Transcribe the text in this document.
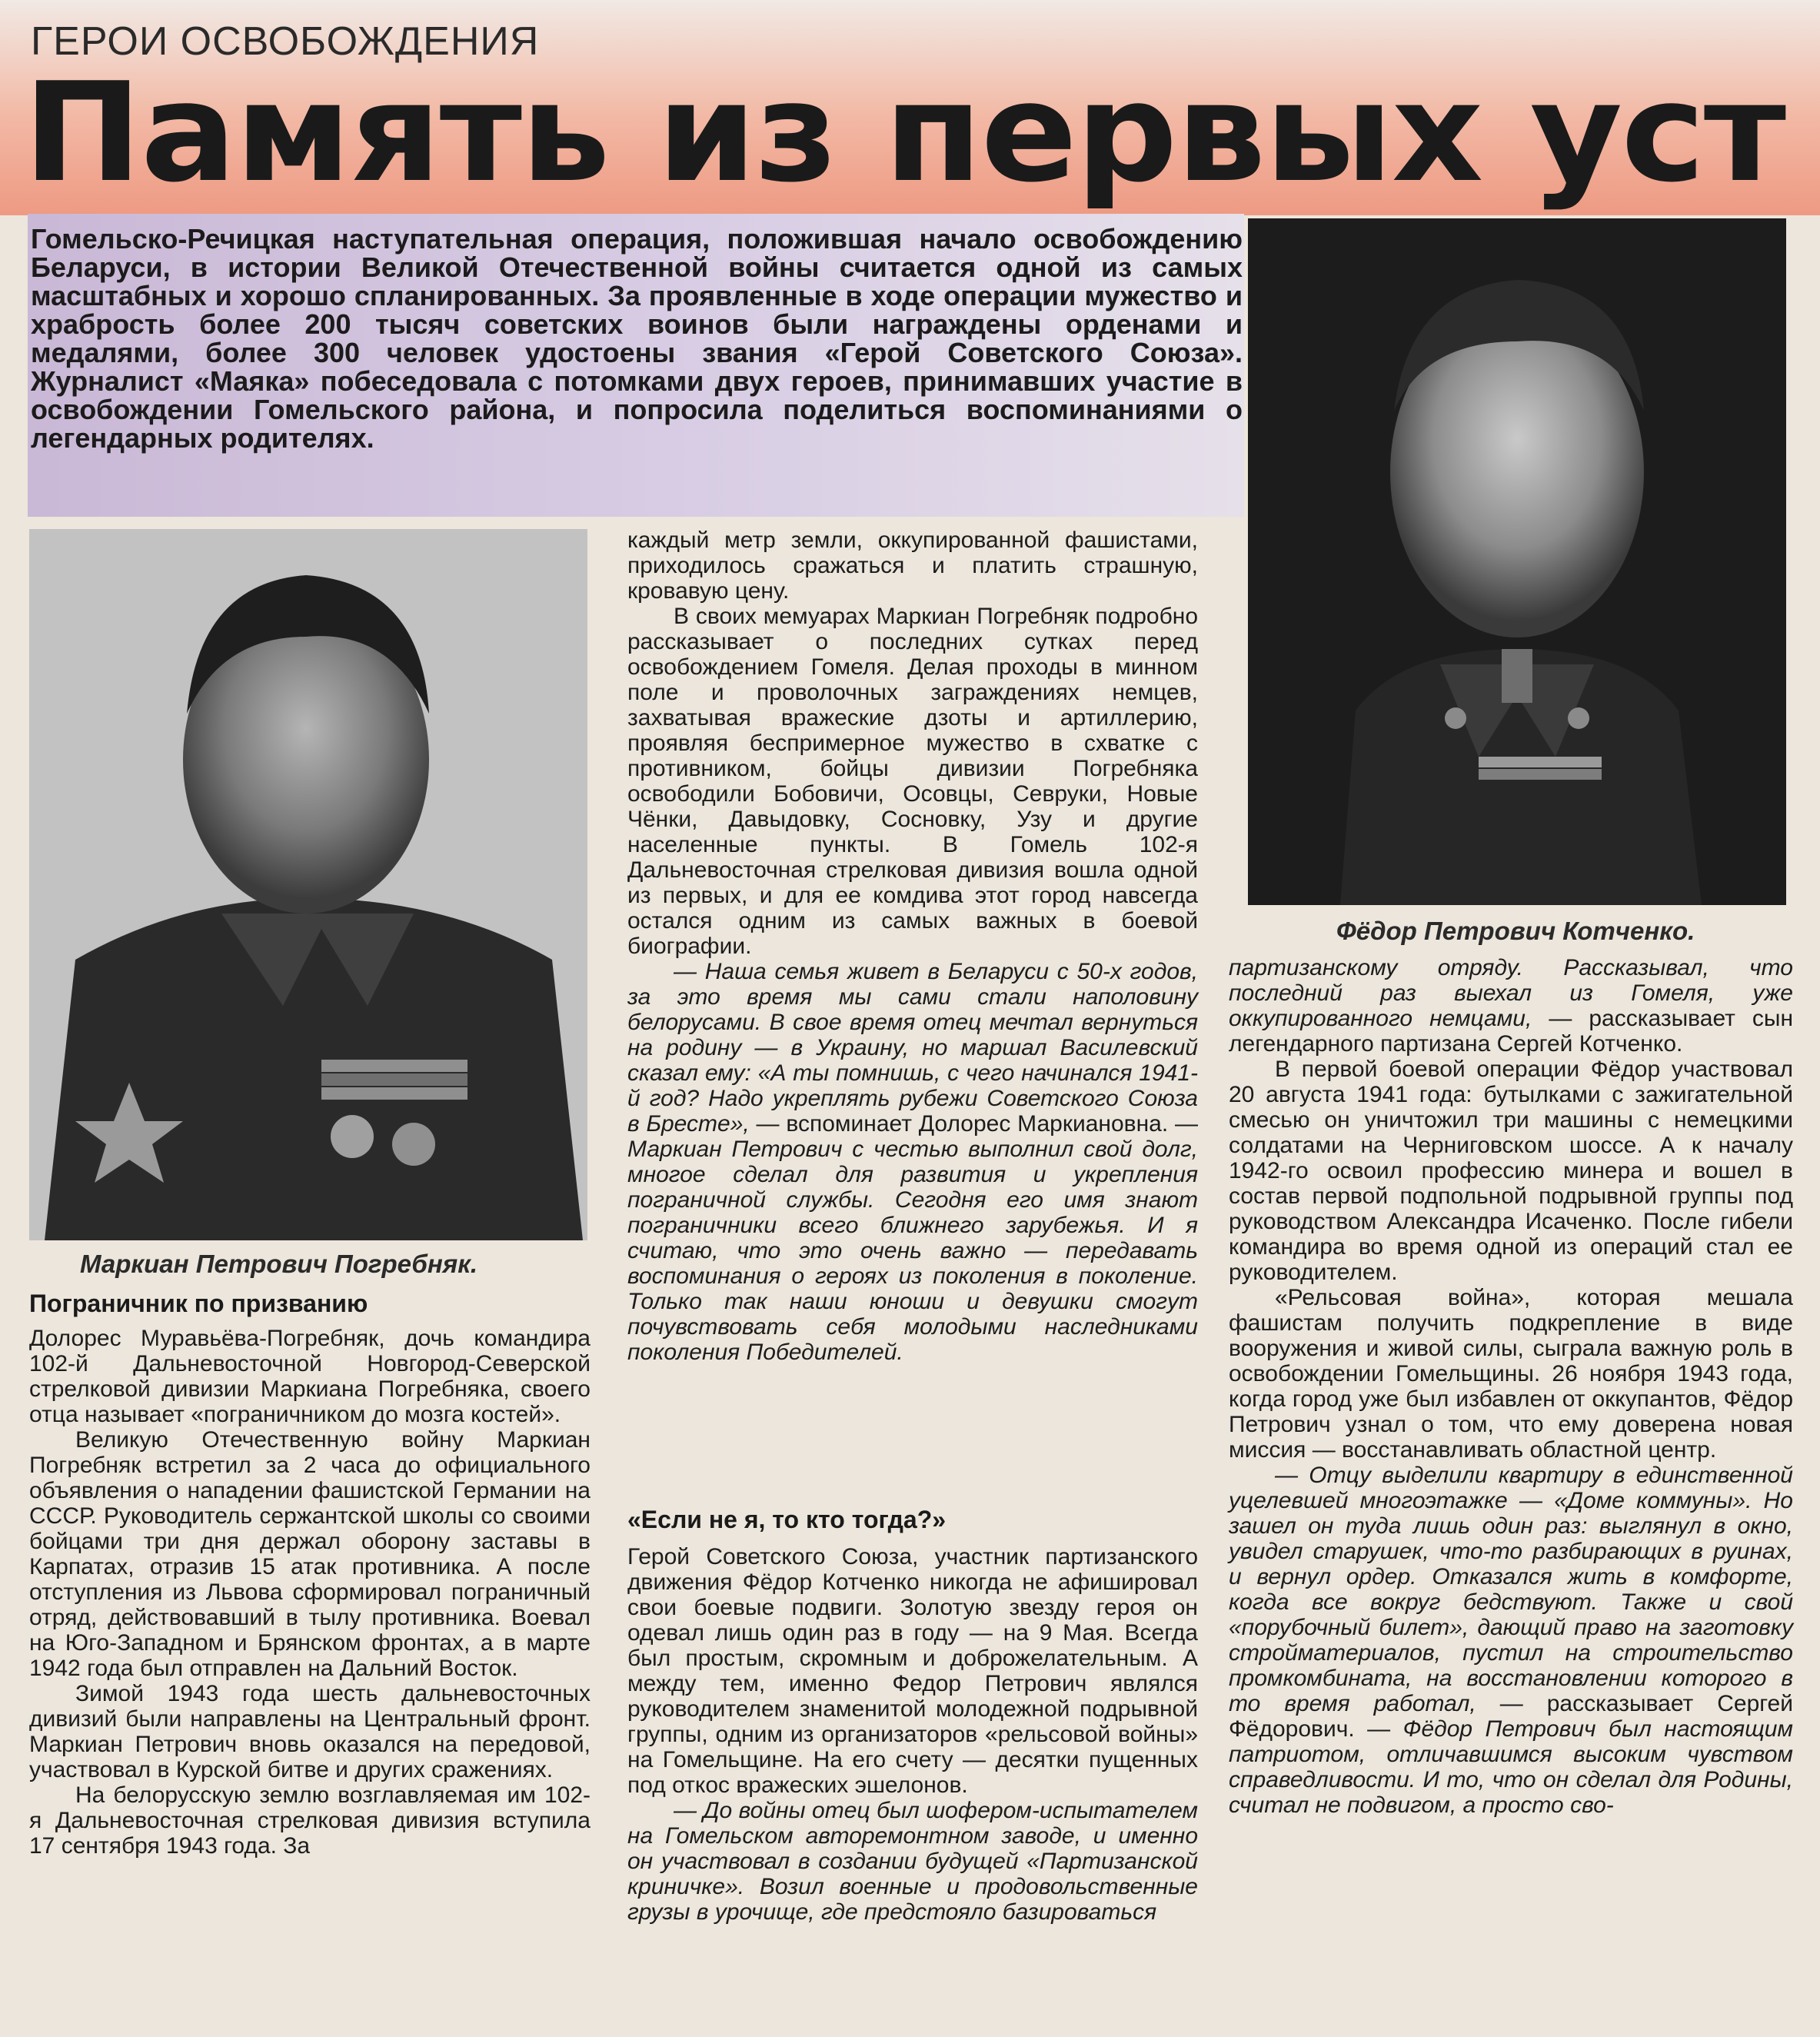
ГЕРОИ ОСВОБОЖДЕНИЯ
Память из первых уст

Гомельско-Речицкая наступательная операция, положившая начало освобождению Беларуси, в истории Великой Отечественной войны считается одной из самых масштабных и хорошо спланированных. За проявленные в ходе операции мужество и храбрость более 200 тысяч советских воинов были награждены орденами и медалями, более 300 человек удостоены звания «Герой Советского Союза». Журналист «Маяка» побеседовала с потомками двух героев, принимавших участие в освобождении Гомельского района, и попросила поделиться воспоминаниями о легендарных родителях.

Фёдор Петрович Котченко.
Маркиан Петрович Погребняк.
Пограничник по призванию

Долорес Муравьёва-Погребняк, дочь командира 102-й Дальневосточной Новгород-Северской стрелковой дивизии Маркиана Погребняка, своего отца называет «пограничником до мозга костей».

Великую Отечественную войну Маркиан Погребняк встретил за 2 часа до официального объявления о нападении фашистской Германии на СССР. Руководитель сержантской школы со своими бойцами три дня держал оборону заставы в Карпатах, отразив 15 атак противника. А после отступления из Львова сформировал пограничный отряд, действовавший в тылу противника. Воевал на Юго-Западном и Брянском фронтах, а в марте 1942 года был отправлен на Дальний Восток.

Зимой 1943 года шесть дальневосточных дивизий были направлены на Центральный фронт. Маркиан Петрович вновь оказался на передовой, участвовал в Курской битве и других сражениях.

На белорусскую землю возглавляемая им 102-я Дальневосточная стрелковая дивизия вступила 17 сентября 1943 года. За

каждый метр земли, оккупированной фашистами, приходилось сражаться и платить страшную, кровавую цену.

В своих мемуарах Маркиан Погребняк подробно рассказывает о последних сутках перед освобождением Гомеля. Делая проходы в минном поле и проволочных заграждениях немцев, захватывая вражеские дзоты и артиллерию, проявляя беспримерное мужество в схватке с противником, бойцы дивизии Погребняка освободили Бобовичи, Осовцы, Севруки, Новые Чёнки, Давыдовку, Сосновку, Узу и другие населенные пункты. В Гомель 102-я Дальневосточная стрелковая дивизия вошла одной из первых, и для ее комдива этот город навсегда остался одним из самых важных в боевой биографии.

— Наша семья живет в Беларуси с 50-х годов, за это время мы сами стали наполовину белорусами. В свое время отец мечтал вернуться на родину — в Украину, но маршал Василевский сказал ему: «А ты помнишь, с чего начинался 1941-й год? Надо укреплять рубежи Советского Союза в Бресте», — вспоминает Долорес Маркиановна. — Маркиан Петрович с честью выполнил свой долг, многое сделал для развития и укрепления пограничной службы. Сегодня его имя знают пограничники всего ближнего зарубежья. И я считаю, что это очень важно — передавать воспоминания о героях из поколения в поколение. Только так наши юноши и девушки смогут почувствовать себя молодыми наследниками поколения Победителей.

«Если не я, то кто тогда?»

Герой Советского Союза, участник партизанского движения Фёдор Котченко никогда не афишировал свои боевые подвиги. Золотую звезду героя он одевал лишь один раз в году — на 9 Мая. Всегда был простым, скромным и доброжелательным. А между тем, именно Федор Петрович являлся руководителем знаменитой молодежной подрывной группы, одним из организаторов «рельсовой войны» на Гомельщине. На его счету — десятки пущенных под откос вражеских эшелонов.

— До войны отец был шофером-испытателем на Гомельском авторемонтном заводе, и именно он участвовал в создании будущей «Партизанской криничке». Возил военные и продовольственные грузы в урочище, где предстояло базироваться

партизанскому отряду. Рассказывал, что последний раз выехал из Гомеля, уже оккупированного немцами, — рассказывает сын легендарного партизана Сергей Котченко.

В первой боевой операции Фёдор участвовал 20 августа 1941 года: бутылками с зажигательной смесью он уничтожил три машины с немецкими солдатами на Черниговском шоссе. А к началу 1942-го освоил профессию минера и вошел в состав первой подпольной подрывной группы под руководством Александра Исаченко. После гибели командира во время одной из операций стал ее руководителем.

«Рельсовая война», которая мешала фашистам получить подкрепление в виде вооружения и живой силы, сыграла важную роль в освобождении Гомельщины. 26 ноября 1943 года, когда город уже был избавлен от оккупантов, Фёдор Петрович узнал о том, что ему доверена новая миссия — восстанавливать областной центр.

— Отцу выделили квартиру в единственной уцелевшей многоэтажке — «Доме коммуны». Но зашел он туда лишь один раз: выглянул в окно, увидел старушек, что-то разбирающих в руинах, и вернул ордер. Отказался жить в комфорте, когда все вокруг бедствуют. Также и свой «порубочный билет», дающий право на заготовку стройматериалов, пустил на строительство промкомбината, на восстановлении которого в то время работал, — рассказывает Сергей Фёдорович. — Фёдор Петрович был настоящим патриотом, отличавшимся высоким чувством справедливости. И то, что он сделал для Родины, считал не подвигом, а просто сво-
